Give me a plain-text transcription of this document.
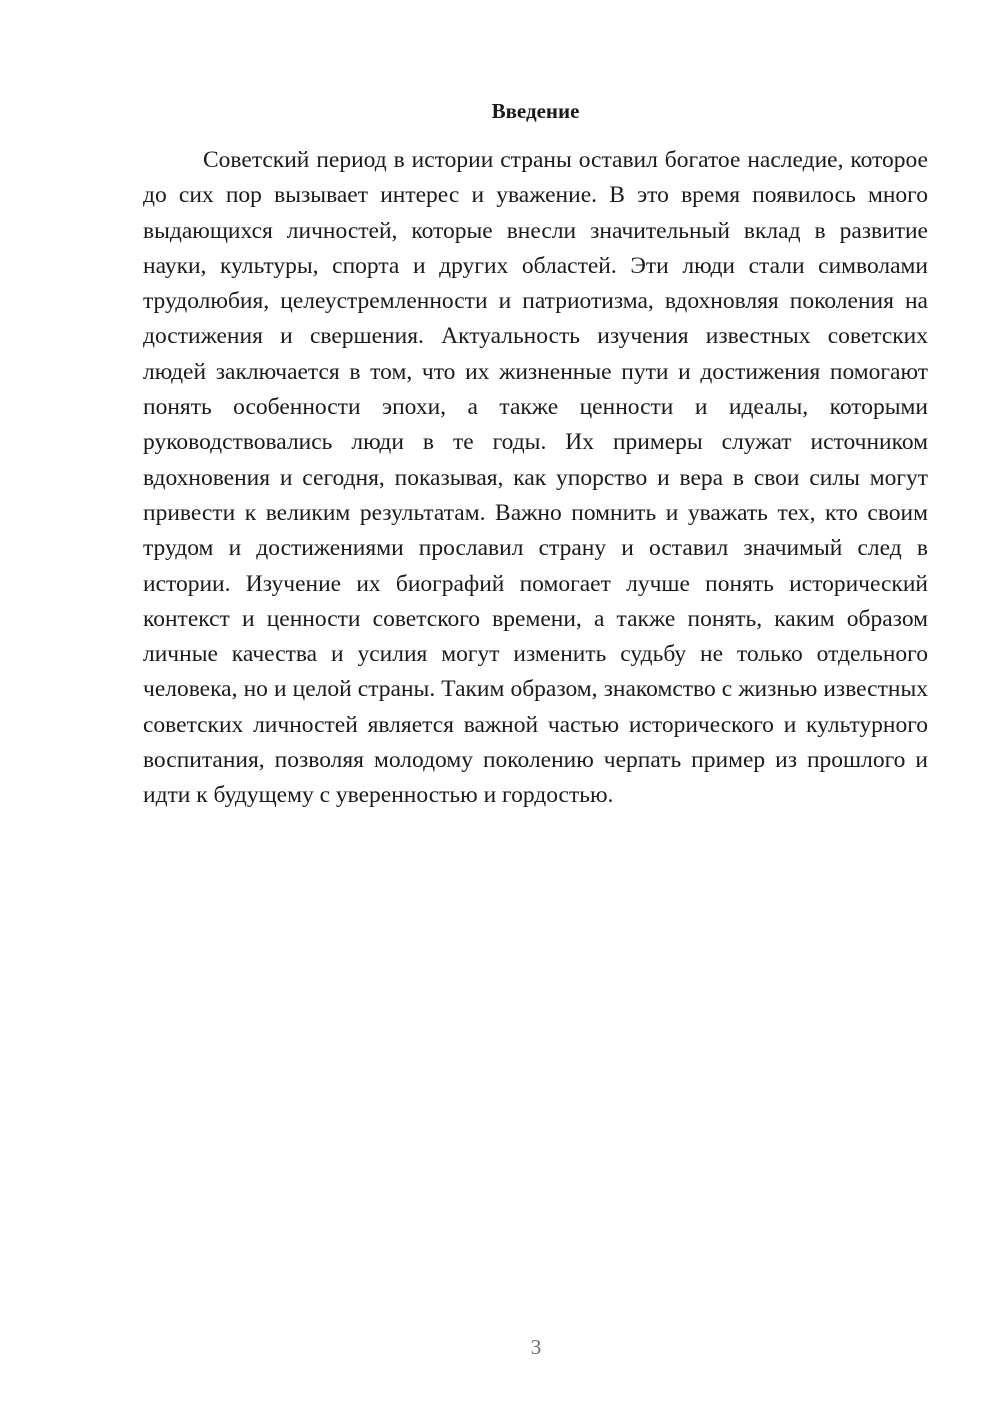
Введение

Советский период в истории страны оставил богатое наследие, которое до сих пор вызывает интерес и уважение. В это время появилось много выдающихся личностей, которые внесли значительный вклад в развитие науки, культуры, спорта и других областей. Эти люди стали символами трудолюбия, целеустремленности и патриотизма, вдохновляя поколения на достижения и свершения. Актуальность изучения известных советских людей заключается в том, что их жизненные пути и достижения помогают понять особенности эпохи, а также ценности и идеалы, которыми руководствовались люди в те годы. Их примеры служат источником вдохновения и сегодня, показывая, как упорство и вера в свои силы могут привести к великим результатам. Важно помнить и уважать тех, кто своим трудом и достижениями прославил страну и оставил значимый след в истории. Изучение их биографий помогает лучше понять исторический контекст и ценности советского времени, а также понять, каким образом личные качества и усилия могут изменить судьбу не только отдельного человека, но и целой страны. Таким образом, знакомство с жизнью известных советских личностей является важной частью исторического и культурного воспитания, позволяя молодому поколению черпать пример из прошлого и идти к будущему с уверенностью и гордостью.

3
